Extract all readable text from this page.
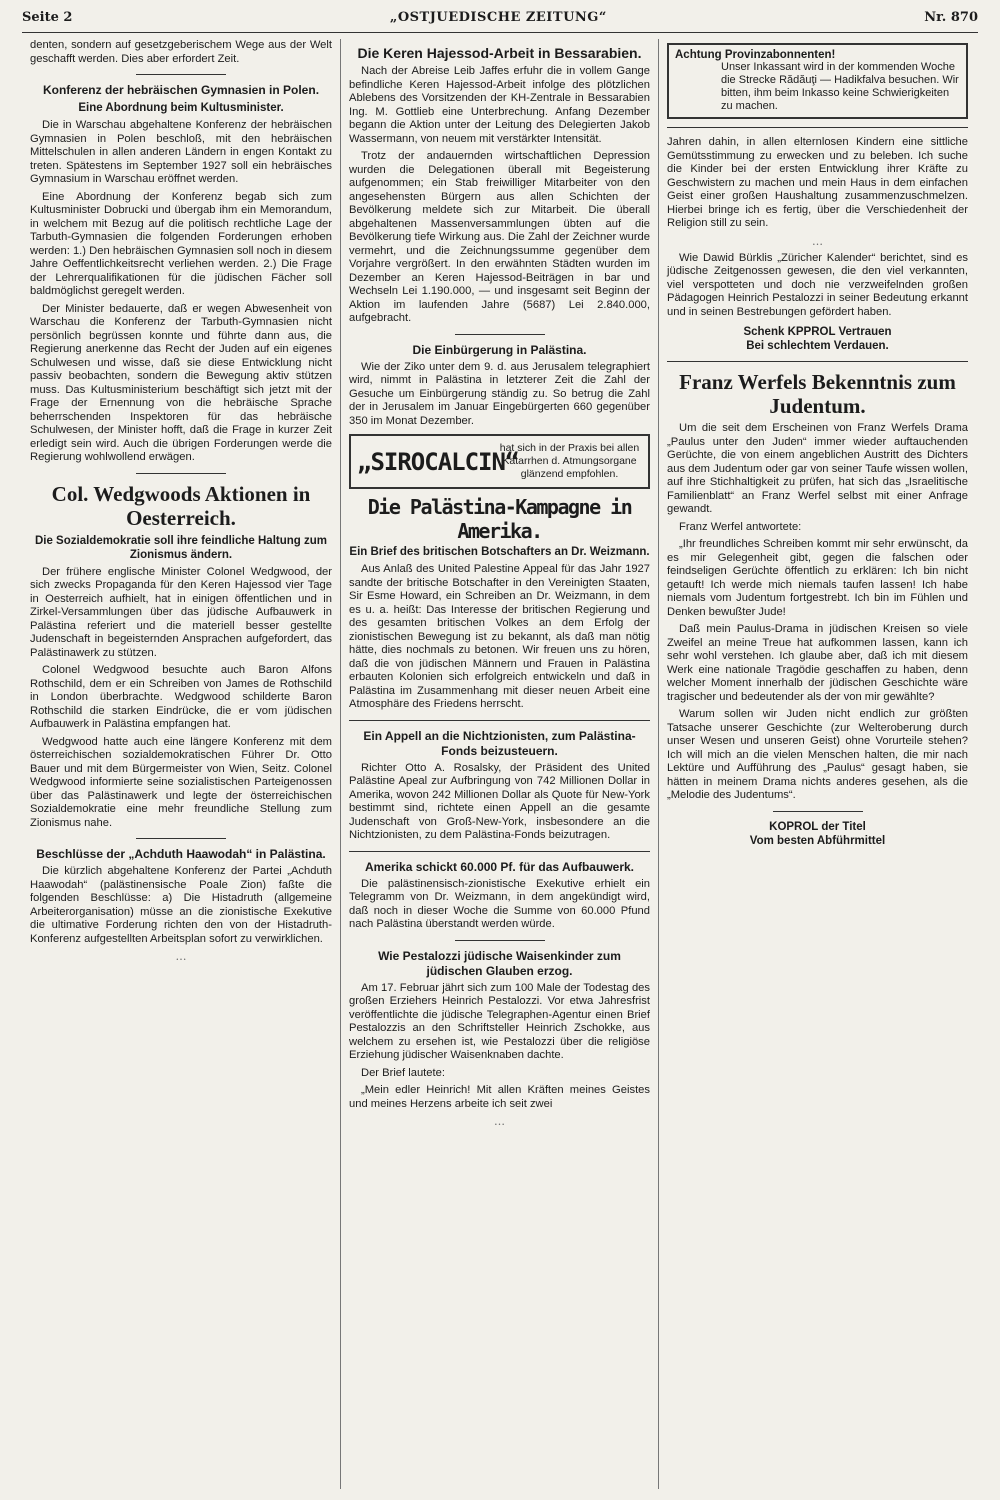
Seite 2	„OSTJUEDISCHE ZEITUNG“	Nr. 870

denten, sondern auf gesetzgeberischem Wege aus der Welt geschafft werden. Dies aber erfordert Zeit.

Konferenz der hebräischen Gymnasien in Polen.
Eine Abordnung beim Kultusminister.

Die in Warschau abgehaltene Konferenz der hebräischen Gymnasien in Polen beschloß, mit den hebräischen Mittelschulen in allen anderen Ländern in engen Kontakt zu treten. Spätestens im September 1927 soll ein hebräisches Gymnasium in Warschau eröffnet werden.

Eine Abordnung der Konferenz begab sich zum Kultusminister Dobrucki und übergab ihm ein Memorandum, in welchem mit Bezug auf die politisch rechtliche Lage der Tarbuth-Gymnasien die folgenden Forderungen erhoben werden: 1.) Den hebräischen Gymnasien soll noch in diesem Jahre Oeffentlichkeitsrecht verliehen werden. 2.) Die Frage der Lehrerqualifikationen für die jüdischen Fächer soll baldmöglichst geregelt werden.

Der Minister bedauerte, daß er wegen Abwesenheit von Warschau die Konferenz der Tarbuth-Gymnasien nicht persönlich begrüssen konnte und führte dann aus, die Regierung anerkenne das Recht der Juden auf ein eigenes Schulwesen und wisse, daß sie diese Entwicklung nicht passiv beobachten, sondern die Bewegung aktiv stützen muss. Das Kultusministerium beschäftigt sich jetzt mit der Frage der Ernennung von die hebräische Sprache beherrschenden Inspektoren für das hebräische Schulwesen, der Minister hofft, daß die Frage in kurzer Zeit erledigt sein wird. Auch die übrigen Forderungen werde die Regierung wohlwollend erwägen.

Col. Wedgwoods Aktionen in Oesterreich.
Die Sozialdemokratie soll ihre feindliche Haltung zum Zionismus ändern.

Der frühere englische Minister Colonel Wedgwood, der sich zwecks Propaganda für den Keren Hajessod vier Tage in Oesterreich aufhielt, hat in einigen öffentlichen und in Zirkel-Versammlungen über das jüdische Aufbauwerk in Palästina referiert und die materiell besser gestellte Judenschaft in begeisternden Ansprachen aufgefordert, das Palästinawerk zu stützen.

Colonel Wedgwood besuchte auch Baron Alfons Rothschild, dem er ein Schreiben von James de Rothschild in London überbrachte. Wedgwood schilderte Baron Rothschild die starken Eindrücke, die er vom jüdischen Aufbauwerk in Palästina empfangen hat.

Wedgwood hatte auch eine längere Konferenz mit dem österreichischen sozialdemokratischen Führer Dr. Otto Bauer und mit dem Bürgermeister von Wien, Seitz. Colonel Wedgwood informierte seine sozialistischen Parteigenossen über das Palästinawerk und legte der österreichischen Sozialdemokratie eine mehr freundliche Stellung zum Zionismus nahe.

Beschlüsse der „Achduth Haawodah“ in Palästina.

Die kürzlich abgehaltene Konferenz der Partei „Achduth Haawodah“ (palästinensische Poale Zion) faßte die folgenden Beschlüsse: a) Die Histadruth (allgemeine Arbeiterorganisation) müsse an die zionistische Exekutive die ultimative Forderung richten den von der Histadruth-Konferenz aufgestellten Arbeitsplan sofort zu verwirklichen.

…
Die Keren Hajessod-Arbeit in Bessarabien.

Nach der Abreise Leib Jaffes erfuhr die in vollem Gange befindliche Keren Hajessod-Arbeit infolge des plötzlichen Ablebens des Vorsitzenden der KH-Zentrale in Bessarabien Ing. M. Gottlieb eine Unterbrechung. Anfang Dezember begann die Aktion unter der Leitung des Delegierten Jakob Wassermann, von neuem mit verstärkter Intensität.

Trotz der andauernden wirtschaftlichen Depression wurden die Delegationen überall mit Begeisterung aufgenommen; ein Stab freiwilliger Mitarbeiter von den angesehensten Bürgern aus allen Schichten der Bevölkerung meldete sich zur Mitarbeit. Die überall abgehaltenen Massenversammlungen übten auf die Bevölkerung tiefe Wirkung aus. Die Zahl der Zeichner wurde vermehrt, und die Zeichnungssumme gegenüber dem Vorjahre vergrößert. In den erwähnten Städten wurden im Dezember an Keren Hajessod-Beiträgen in bar und Wechseln Lei 1.190.000, — und insgesamt seit Beginn der Aktion im laufenden Jahre (5687) Lei 2.840.000, aufgebracht.

Die Einbürgerung in Palästina.

Wie der Ziko unter dem 9. d. aus Jerusalem telegraphiert wird, nimmt in Palästina in letzterer Zeit die Zahl der Gesuche um Einbürgerung ständig zu. So betrug die Zahl der in Jerusalem im Januar Eingebürgerten 660 gegenüber 350 im Monat Dezember.

„SIROCALCIN“
hat sich in der Praxis bei allen Katarrhen d. Atmungsorgane glänzend empfohlen.
Die Palästina-Kampagne in Amerika.
Ein Brief des britischen Botschafters an Dr. Weizmann.

Aus Anlaß des United Palestine Appeal für das Jahr 1927 sandte der britische Botschafter in den Vereinigten Staaten, Sir Esme Howard, ein Schreiben an Dr. Weizmann, in dem es u. a. heißt: Das Interesse der britischen Regierung und des gesamten britischen Volkes an dem Erfolg der zionistischen Bewegung ist zu bekannt, als daß man nötig hätte, dies nochmals zu betonen. Wir freuen uns zu hören, daß die von jüdischen Männern und Frauen in Palästina erbauten Kolonien sich erfolgreich entwickeln und daß in Palästina im Zusammenhang mit dieser neuen Arbeit eine Atmosphäre des Friedens herrscht.

Ein Appell an die Nichtzionisten, zum Palästina-Fonds beizusteuern.

Richter Otto A. Rosalsky, der Präsident des United Palästine Apeal zur Aufbringung von 742 Millionen Dollar in Amerika, wovon 242 Millionen Dollar als Quote für New-York bestimmt sind, richtete einen Appell an die gesamte Judenschaft von Groß-New-York, insbesondere an die Nichtzionisten, zu dem Palästina-Fonds beizutragen.

Amerika schickt 60.000 Pf. für das Aufbauwerk.

Die palästinensisch-zionistische Exekutive erhielt ein Telegramm von Dr. Weizmann, in dem angekündigt wird, daß noch in dieser Woche die Summe von 60.000 Pfund nach Palästina überstandt werden würde.

Wie Pestalozzi jüdische Waisenkinder zum jüdischen Glauben erzog.

Am 17. Februar jährt sich zum 100 Male der Todestag des großen Erziehers Heinrich Pestalozzi. Vor etwa Jahresfrist veröffentlichte die jüdische Telegraphen-Agentur einen Brief Pestalozzis an den Schriftsteller Heinrich Zschokke, aus welchem zu ersehen ist, wie Pestalozzi über die religiöse Erziehung jüdischer Waisenknaben dachte.

Der Brief lautete:

„Mein edler Heinrich! Mit allen Kräften meines Geistes und meines Herzens arbeite ich seit zwei

…
Achtung Provinzabonnenten!
Unser Inkassant wird in der kommenden Woche die Strecke Rădăuţi — Hadikfalva besuchen. Wir bitten, ihm beim Inkasso keine Schwierigkeiten zu machen.

Jahren dahin, in allen elternlosen Kindern eine sittliche Gemütsstimmung zu erwecken und zu beleben. Ich suche die Kinder bei der ersten Entwicklung ihrer Kräfte zu Geschwistern zu machen und mein Haus in dem einfachen Geist einer großen Haushaltung zusammenzuschmelzen. Hierbei bringe ich es fertig, über die Verschiedenheit der Religion still zu sein.

…

Wie Dawid Bürklis „Züricher Kalender“ berichtet, sind es jüdische Zeitgenossen gewesen, die den viel verkannten, viel verspotteten und doch nie verzweifelnden großen Pädagogen Heinrich Pestalozzi in seiner Bedeutung erkannt und in seinen Bestrebungen gefördert haben.

Schenk KPPROL Vertrauen
Bei schlechtem Verdauen.
Franz Werfels Bekenntnis zum Judentum.

Um die seit dem Erscheinen von Franz Werfels Drama „Paulus unter den Juden“ immer wieder auftauchenden Gerüchte, die von einem angeblichen Austritt des Dichters aus dem Judentum oder gar von seiner Taufe wissen wollen, auf ihre Stichhaltigkeit zu prüfen, hat sich das „Israelitische Familienblatt“ an Franz Werfel selbst mit einer Anfrage gewandt.

Franz Werfel antwortete:

„Ihr freundliches Schreiben kommt mir sehr erwünscht, da es mir Gelegenheit gibt, gegen die falschen oder feindseligen Gerüchte öffentlich zu erklären: Ich bin nicht getauft! Ich werde mich niemals taufen lassen! Ich habe niemals vom Judentum fortgestrebt. Ich bin im Fühlen und Denken bewußter Jude!

Daß mein Paulus-Drama in jüdischen Kreisen so viele Zweifel an meine Treue hat aufkommen lassen, kann ich sehr wohl verstehen. Ich glaube aber, daß ich mit diesem Werk eine nationale Tragödie geschaffen zu haben, denn welcher Moment innerhalb der jüdischen Geschichte wäre tragischer und bedeutender als der von mir gewählte?

Warum sollen wir Juden nicht endlich zur größten Tatsache unserer Geschichte (zur Welteroberung durch unser Wesen und unseren Geist) ohne Vorurteile stehen? Ich will mich an die vielen Menschen halten, die mir nach Lektüre und Aufführung des „Paulus“ gesagt haben, sie hätten in meinem Drama nichts anderes gesehen, als die „Melodie des Judentums“.

KOPROL der Titel
Vom besten Abführmittel
